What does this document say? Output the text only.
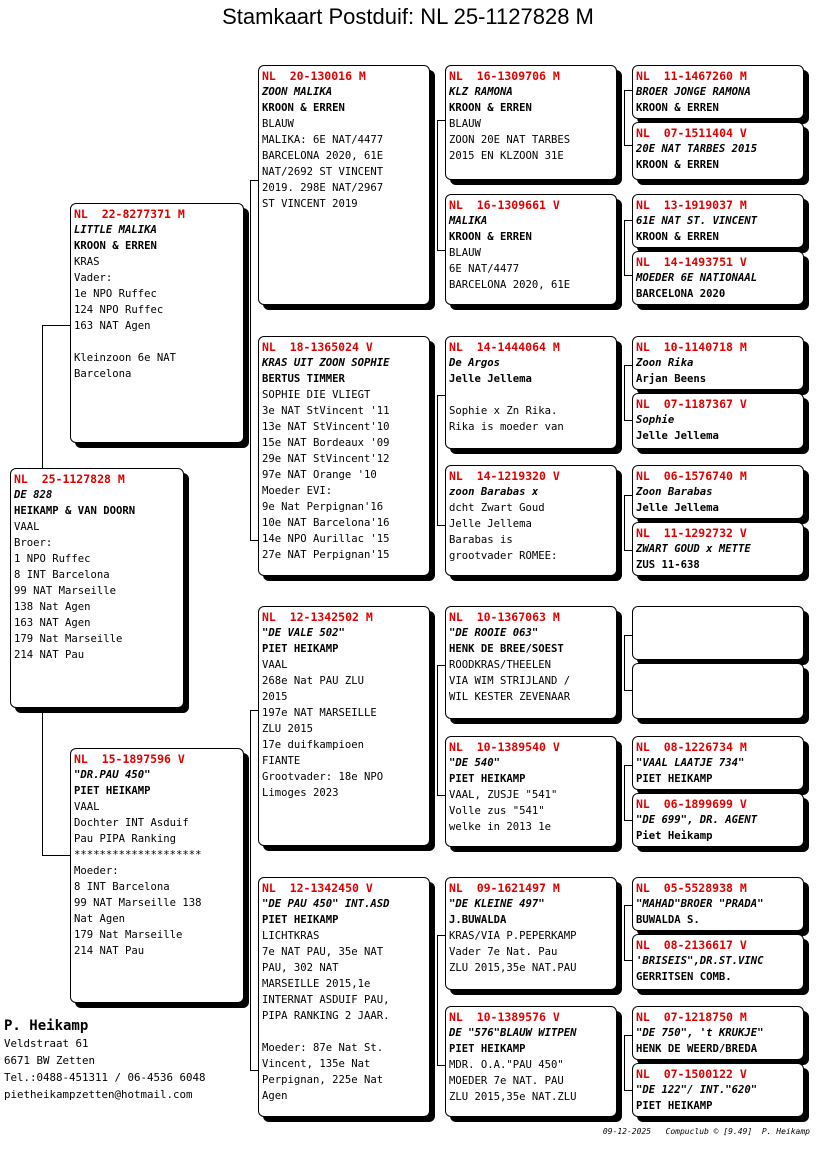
Stamkaart Postduif: NL 25-1127828 M
NL  25-1127828 M
DE 828
HEIKAMP & VAN DOORN
VAAL
Broer:
1 NPO Ruffec
8 INT Barcelona
99 NAT Marseille
138 Nat Agen
163 NAT Agen
179 Nat Marseille
214 NAT Pau
NL  22-8277371 M
LITTLE MALIKA
KROON & ERREN
KRAS
Vader:
1e NPO Ruffec
124 NPO Ruffec
163 NAT Agen
Kleinzoon 6e NAT
Barcelona
NL  15-1897596 V
"DR.PAU 450"
PIET HEIKAMP
VAAL
Dochter INT Asduif
Pau PIPA Ranking
********************
Moeder:
8 INT Barcelona
99 NAT Marseille 138
Nat Agen
179 Nat Marseille
214 NAT Pau
NL  20-130016 M
ZOON MALIKA
KROON & ERREN
BLAUW
MALIKA: 6E NAT/4477
BARCELONA 2020, 61E
NAT/2692 ST VINCENT
2019. 298E NAT/2967
ST VINCENT 2019
NL  18-1365024 V
KRAS UIT ZOON SOPHIE
BERTUS TIMMER
SOPHIE DIE VLIEGT
3e NAT StVincent '11
13e NAT StVincent'10
15e NAT Bordeaux '09
29e NAT StVincent'12
97e NAT Orange '10
Moeder EVI:
9e Nat Perpignan'16
10e NAT Barcelona'16
14e NPO Aurillac '15
27e NAT Perpignan'15
NL  12-1342502 M
"DE VALE 502"
PIET HEIKAMP
VAAL
268e Nat PAU ZLU
2015
197e NAT MARSEILLE
ZLU 2015
17e duifkampioen
FIANTE
Grootvader: 18e NPO
Limoges 2023
NL  12-1342450 V
"DE PAU 450" INT.ASD
PIET HEIKAMP
LICHTKRAS
7e NAT PAU, 35e NAT
PAU, 302 NAT
MARSEILLE 2015,1e
INTERNAT ASDUIF PAU,
PIPA RANKING 2 JAAR.
Moeder: 87e Nat St.
Vincent, 135e Nat
Perpignan, 225e Nat
Agen
NL  16-1309706 M
KLZ RAMONA
KROON & ERREN
BLAUW
ZOON 20E NAT TARBES
2015 EN KLZOON 31E
NL  16-1309661 V
MALIKA
KROON & ERREN
BLAUW
6E NAT/4477
BARCELONA 2020, 61E
NL  14-1444064 M
De Argos
Jelle Jellema
Sophie x Zn Rika.
Rika is moeder van
NL  14-1219320 V
zoon Barabas x
dcht Zwart Goud
Jelle Jellema
Barabas is
grootvader ROMEE:
NL  10-1367063 M
"DE ROOIE 063"
HENK DE BREE/SOEST
ROODKRAS/THEELEN
VIA WIM STRIJLAND /
WIL KESTER ZEVENAAR
NL  10-1389540 V
"DE 540"
PIET HEIKAMP
VAAL, ZUSJE "541"
Volle zus "541"
welke in 2013 1e
NL  09-1621497 M
"DE KLEINE 497"
J.BUWALDA
KRAS/VIA P.PEPERKAMP
Vader 7e Nat. Pau
ZLU 2015,35e NAT.PAU
NL  10-1389576 V
DE "576"BLAUW WITPEN
PIET HEIKAMP
MDR. O.A."PAU 450"
MOEDER 7e NAT. PAU
ZLU 2015,35e NAT.ZLU
NL  11-1467260 M
BROER JONGE RAMONA
KROON & ERREN
NL  07-1511404 V
20E NAT TARBES 2015
KROON & ERREN
NL  13-1919037 M
61E NAT ST. VINCENT
KROON & ERREN
NL  14-1493751 V
MOEDER 6E NATIONAAL
BARCELONA 2020
NL  10-1140718 M
Zoon Rika
Arjan Beens
NL  07-1187367 V
Sophie
Jelle Jellema
NL  06-1576740 M
Zoon Barabas
Jelle Jellema
NL  11-1292732 V
ZWART GOUD x METTE
ZUS 11-638
NL  08-1226734 M
"VAAL LAATJE 734"
PIET HEIKAMP
NL  06-1899699 V
"DE 699", DR. AGENT
Piet Heikamp
NL  05-5528938 M
"MAHAD"BROER "PRADA"
BUWALDA S.
NL  08-2136617 V
'BRISEIS",DR.ST.VINC
GERRITSEN COMB.
NL  07-1218750 M
"DE 750", 't KRUKJE"
HENK DE WEERD/BREDA
NL  07-1500122 V
"DE 122"/ INT."620"
PIET HEIKAMP
P. Heikamp
Veldstraat 61
6671 BW Zetten
Tel.:0488-451311 / 06-4536 6048
pietheikampzetten@hotmail.com
09-12-2025   Compuclub © [9.49]  P. Heikamp
